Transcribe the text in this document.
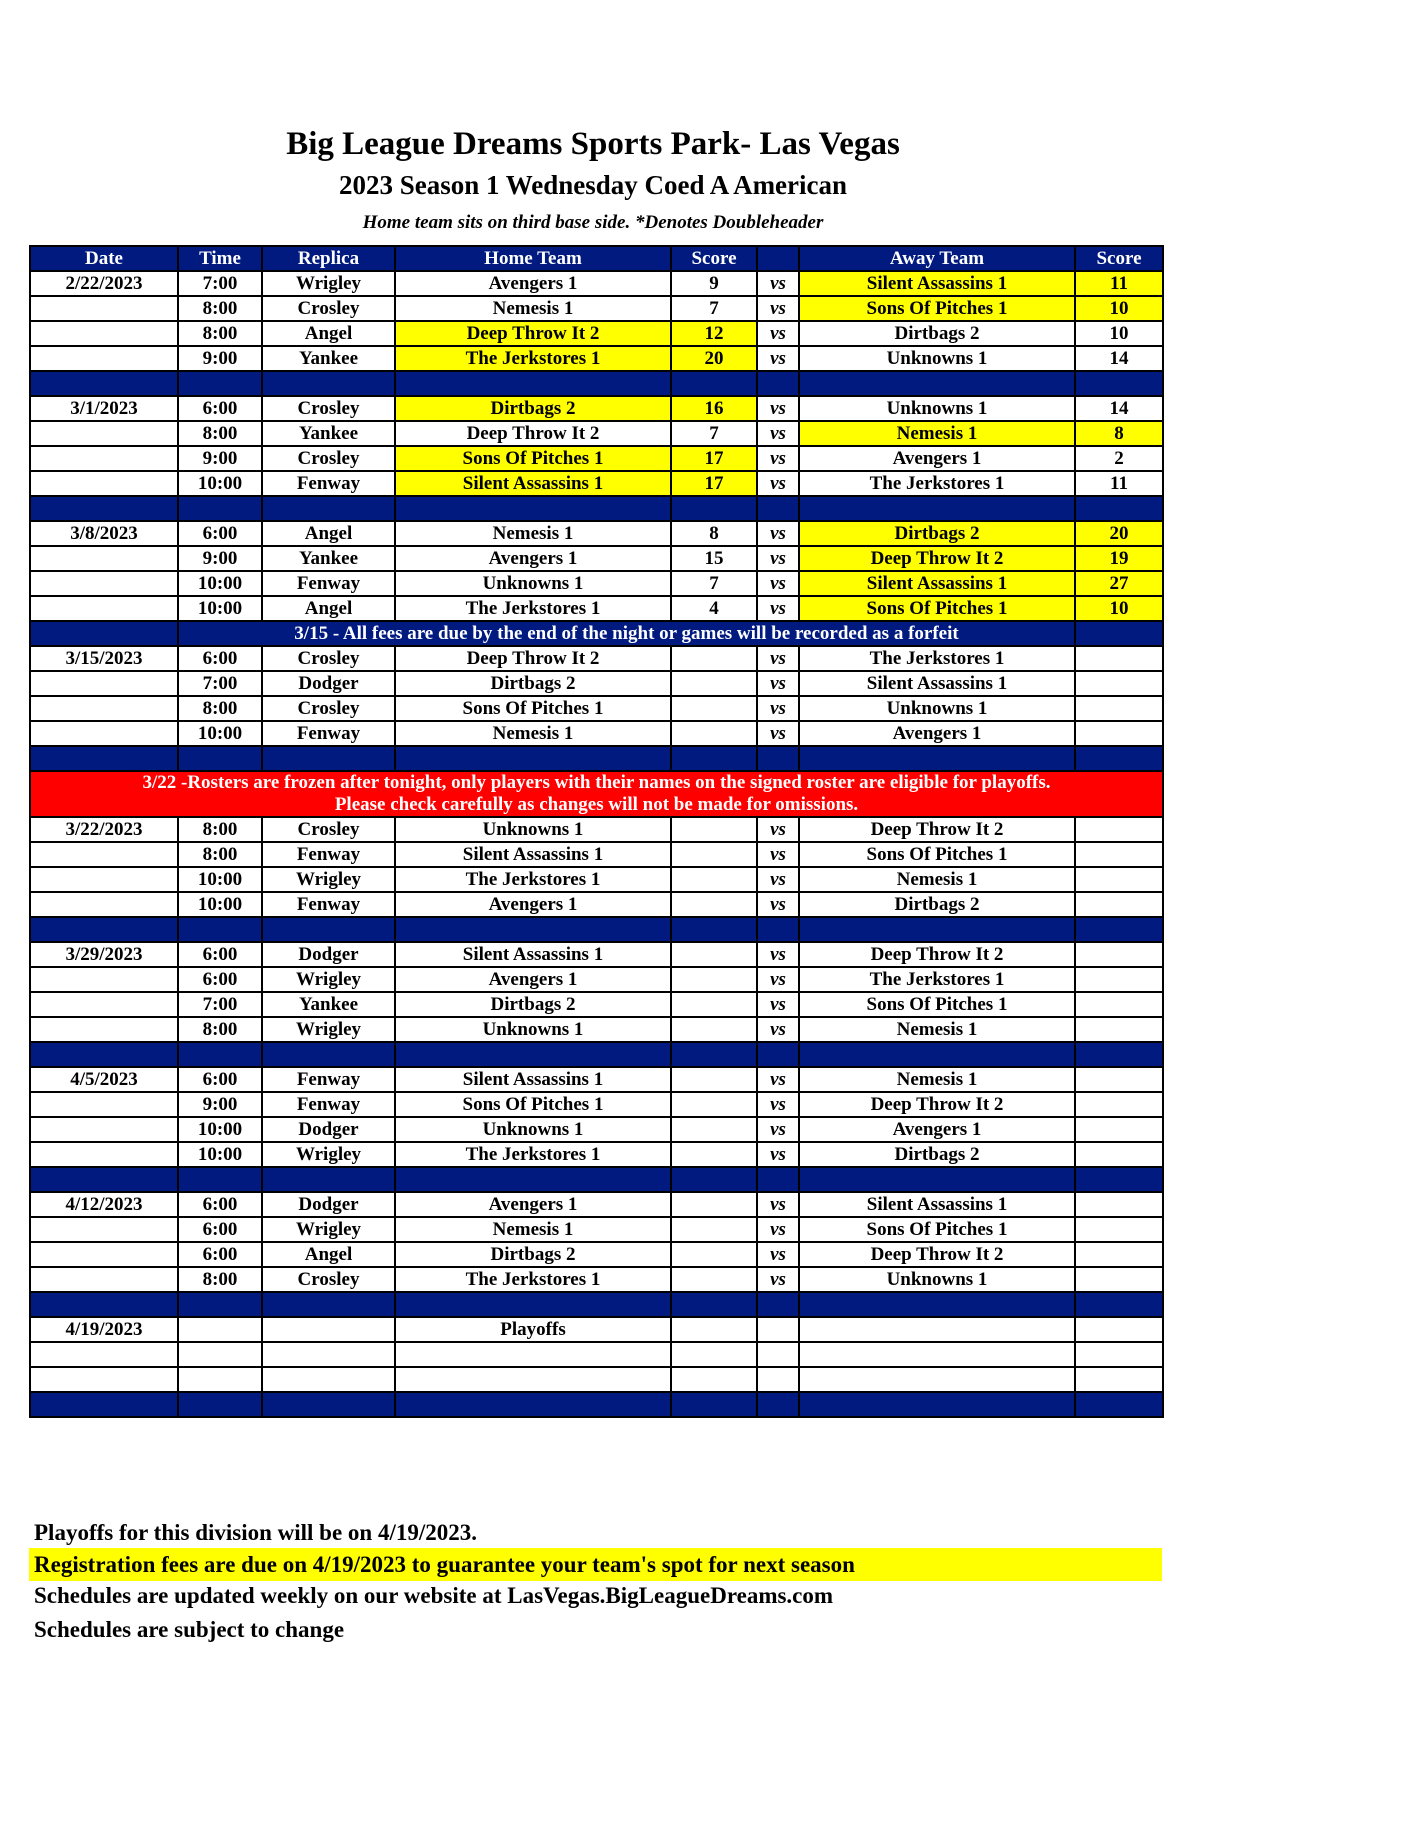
Big League Dreams Sports Park- Las Vegas
2023 Season 1 Wednesday Coed A American
Home team sits on third base side. *Denotes Doubleheader
Date	Time	Replica	Home Team	Score		Away Team	Score
2/22/2023	7:00	Wrigley	Avengers 1	9	vs	Silent Assassins 1	11
	8:00	Crosley	Nemesis 1	7	vs	Sons Of Pitches 1	10
	8:00	Angel	Deep Throw It 2	12	vs	Dirtbags 2	10
	9:00	Yankee	The Jerkstores 1	20	vs	Unknowns 1	14

3/1/2023	6:00	Crosley	Dirtbags 2	16	vs	Unknowns 1	14
	8:00	Yankee	Deep Throw It 2	7	vs	Nemesis 1	8
	9:00	Crosley	Sons Of Pitches 1	17	vs	Avengers 1	2
	10:00	Fenway	Silent Assassins 1	17	vs	The Jerkstores 1	11

3/8/2023	6:00	Angel	Nemesis 1	8	vs	Dirtbags 2	20
	9:00	Yankee	Avengers 1	15	vs	Deep Throw It 2	19
	10:00	Fenway	Unknowns 1	7	vs	Silent Assassins 1	27
	10:00	Angel	The Jerkstores 1	4	vs	Sons Of Pitches 1	10
	3/15 - All fees are due by the end of the night or games will be recorded as a forfeit						
3/15/2023	6:00	Crosley	Deep Throw It 2		vs	The Jerkstores 1	
	7:00	Dodger	Dirtbags 2		vs	Silent Assassins 1	
	8:00	Crosley	Sons Of Pitches 1		vs	Unknowns 1	
	10:00	Fenway	Nemesis 1		vs	Avengers 1	

3/22 -Rosters are frozen after tonight, only players with their names on the signed roster are eligible for playoffs.
Please check carefully as changes will not be made for omissions.							

3/22/2023	8:00	Crosley	Unknowns 1		vs	Deep Throw It 2	
	8:00	Fenway	Silent Assassins 1		vs	Sons Of Pitches 1	
	10:00	Wrigley	The Jerkstores 1		vs	Nemesis 1	
	10:00	Fenway	Avengers 1		vs	Dirtbags 2	

3/29/2023	6:00	Dodger	Silent Assassins 1		vs	Deep Throw It 2	
	6:00	Wrigley	Avengers 1		vs	The Jerkstores 1	
	7:00	Yankee	Dirtbags 2		vs	Sons Of Pitches 1	
	8:00	Wrigley	Unknowns 1		vs	Nemesis 1	

4/5/2023	6:00	Fenway	Silent Assassins 1		vs	Nemesis 1	
	9:00	Fenway	Sons Of Pitches 1		vs	Deep Throw It 2	
	10:00	Dodger	Unknowns 1		vs	Avengers 1	
	10:00	Wrigley	The Jerkstores 1		vs	Dirtbags 2	

4/12/2023	6:00	Dodger	Avengers 1		vs	Silent Assassins 1	
	6:00	Wrigley	Nemesis 1		vs	Sons Of Pitches 1	
	6:00	Angel	Dirtbags 2		vs	Deep Throw It 2	
	8:00	Crosley	The Jerkstores 1		vs	Unknowns 1	

4/19/2023			Playoffs				

Playoffs for this division will be on 4/19/2023.
Registration fees are due on 4/19/2023 to guarantee your team's spot for next season
Schedules are updated weekly on our website at LasVegas.BigLeagueDreams.com
Schedules are subject to change
